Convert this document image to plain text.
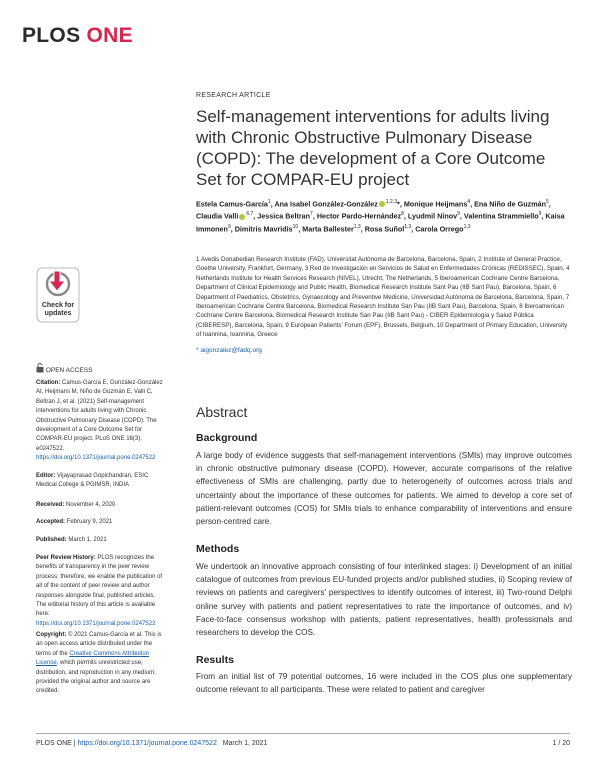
PLOS ONE
RESEARCH ARTICLE
Self-management interventions for adults living with Chronic Obstructive Pulmonary Disease (COPD): The development of a Core Outcome Set for COMPAR-EU project
Estela Camus-García$^1$, Ana Isabel González-González $^{1,2,3}$*, Monique Heijmans$^4$, Ena Niño de Guzmán$^5$, Claudia Valli $^{6,7}$, Jessica Beltran$^7$, Hector Pardo-Hernández$^8$, Lyudmil Ninov$^9$, Valentina Strammiello$^9$, Kaisa Immonen$^9$, Dimitris Mavridis$^{10}$, Marta Ballester$^{1,3}$, Rosa Suñol$^{1,3}$, Carola Orrego$^{1,3}$
1 Avedis Donabedian Research Institute (FAD), Universitat Autònoma de Barcelona, Barcelona, Spain, 2 Institute of General Practice, Goethe University, Frankfurt, Germany, 3 Red de Investigación en Servicios de Salud en Enfermedades Crónicas (REDISSEC), Spain, 4 Netherlands Institute for Health Services Research (NIVEL), Utrecht, The Netherlands, 5 Iberoamerican Cochrane Centre Barcelona, Department of Clinical Epidemiology and Public Health, Biomedical Research Institute Sant Pau (IIB Sant Pau), Barcelona, Spain, 6 Department of Paediatrics, Obstetrics, Gynaecology and Preventive Medicine, Universidad Autónoma de Barcelona, Barcelona, Spain, 7 Iberoamerican Cochrane Centre Barcelona, Biomedical Research Institute San Pau (IIB Sant Pau), Barcelona, Spain, 8 Iberoamerican Cochrane Centre Barcelona, Biomedical Research Institute San Pau (IIB Sant Pau) - CIBER Epidemiología y Salud Pública (CIBERESP), Barcelona, Spain, 9 European Patients' Forum (EPF), Brussels, Belgium, 10 Department of Primary Education, University of Ioannina, Ioannina, Greece
* aigonzalez@fadq.org
Abstract
Background
A large body of evidence suggests that self-management interventions (SMIs) may improve outcomes in chronic obstructive pulmonary disease (COPD). However, accurate comparisons of the relative effectiveness of SMIs are challenging, partly due to heterogeneity of outcomes across trials and uncertainty about the importance of these outcomes for patients. We aimed to develop a core set of patient-relevant outcomes (COS) for SMIs trials to enhance comparability of interventions and ensure person-centred care.
Methods
We undertook an innovative approach consisting of four interlinked stages: i) Development of an initial catalogue of outcomes from previous EU-funded projects and/or published studies, ii) Scoping review of reviews on patients and caregivers' perspectives to identify outcomes of interest, iii) Two-round Delphi online survey with patients and patient representatives to rate the importance of outcomes, and iv) Face-to-face consensus workshop with patients, patient representatives, health professionals and researchers to develop the COS.
Results
From an initial list of 79 potential outcomes, 16 were included in the COS plus one supplementary outcome relevant to all participants. These were related to patient and caregiver
Check for
updates
OPEN ACCESS
Citation: Camus-García E, González-González AI, Heijmans M, Niño de Guzmán E, Valli C, Beltran J, et al. (2021) Self-management interventions for adults living with Chronic Obstructive Pulmonary Disease (COPD): The development of a Core Outcome Set for COMPAR-EU project. PLoS ONE 16(3): e0247522. https://doi.org/10.1371/journal.pone.0247522
Editor: Vijayaprasad Gopichandran, ESIC Medical College & PGIMSR, INDIA
Received: November 4, 2020
Accepted: February 9, 2021
Published: March 1, 2021
Peer Review History: PLOS recognizes the benefits of transparency in the peer review process; therefore, we enable the publication of all of the content of peer review and author responses alongside final, published articles. The editorial history of this article is available here: https://doi.org/10.1371/journal.pone.0247522
Copyright: © 2021 Camus-García et al. This is an open access article distributed under the terms of the Creative Commons Attribution License, which permits unrestricted use, distribution, and reproduction in any medium, provided the original author and source are credited.
PLOS ONE | https://doi.org/10.1371/journal.pone.0247522 March 1, 2021	1 / 20
